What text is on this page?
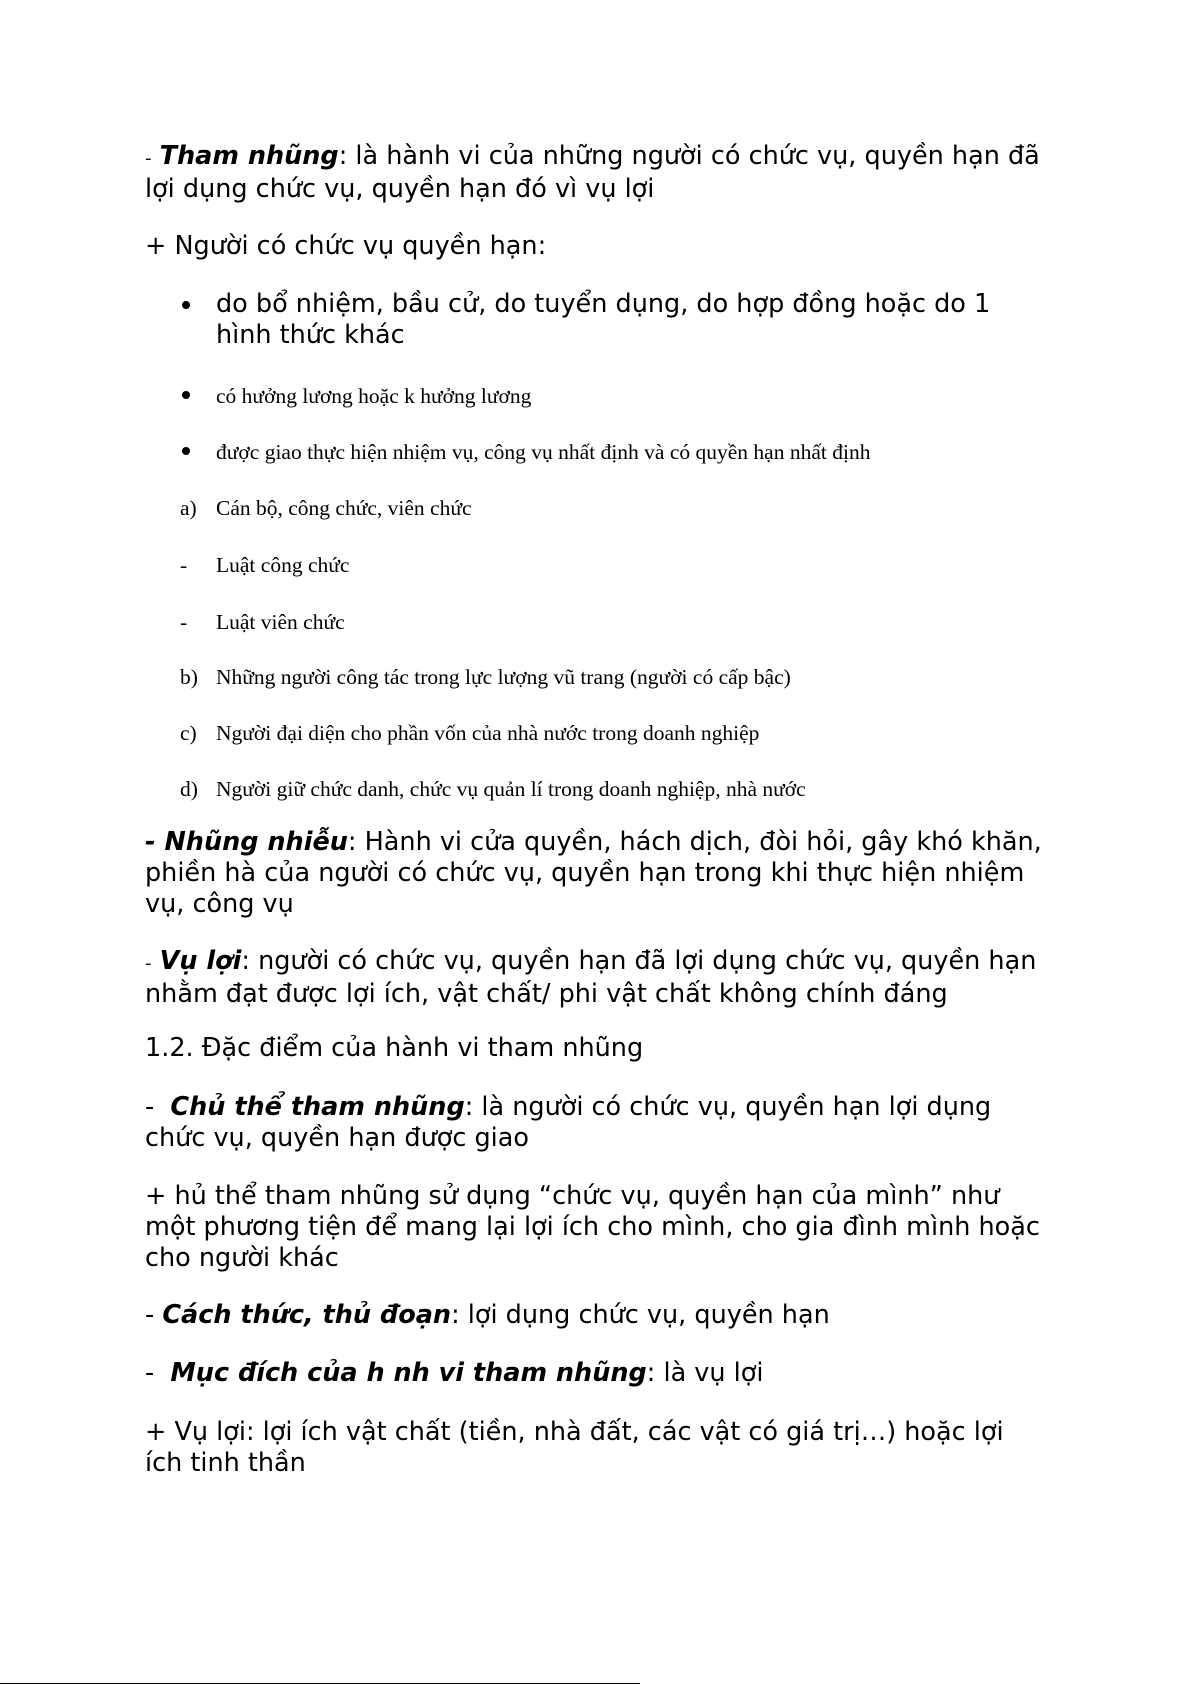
- Tham nhũng: là hành vi của những người có chức vụ, quyền hạn đã lợi dụng chức vụ, quyền hạn đó vì vụ lợi

+ Người có chức vụ quyền hạn:

do bổ nhiệm, bầu cử, do tuyển dụng, do hợp đồng hoặc do 1 hình thức khác
có hưởng lương hoặc k hưởng lương
được giao thực hiện nhiệm vụ, công vụ nhất định và có quyền hạn nhất định
a) Cán bộ, công chức, viên chức
- Luật công chức
- Luật viên chức
b) Những người công tác trong lực lượng vũ trang (người có cấp bậc)
c) Người đại diện cho phần vốn của nhà nước trong doanh nghiệp
d) Người giữ chức danh, chức vụ quản lí trong doanh nghiệp, nhà nước

- Nhũng nhiễu: Hành vi cửa quyền, hách dịch, đòi hỏi, gây khó khăn, phiền hà của người có chức vụ, quyền hạn trong khi thực hiện nhiệm vụ, công vụ

- Vụ lợi: người có chức vụ, quyền hạn đã lợi dụng chức vụ, quyền hạn nhằm đạt được lợi ích, vật chất/ phi vật chất không chính đáng

1.2. Đặc điểm của hành vi tham nhũng

-  Chủ thể tham nhũng: là người có chức vụ, quyền hạn lợi dụng chức vụ, quyền hạn được giao

+ hủ thể tham nhũng sử dụng “chức vụ, quyền hạn của mình” như một phương tiện để mang lại lợi ích cho mình, cho gia đình mình hoặc cho người khác

- Cách thức, thủ đoạn: lợi dụng chức vụ, quyền hạn

-  Mục đích của h nh vi tham nhũng: là vụ lợi

+ Vụ lợi: lợi ích vật chất (tiền, nhà đất, các vật có giá trị…) hoặc lợi ích tinh thần
